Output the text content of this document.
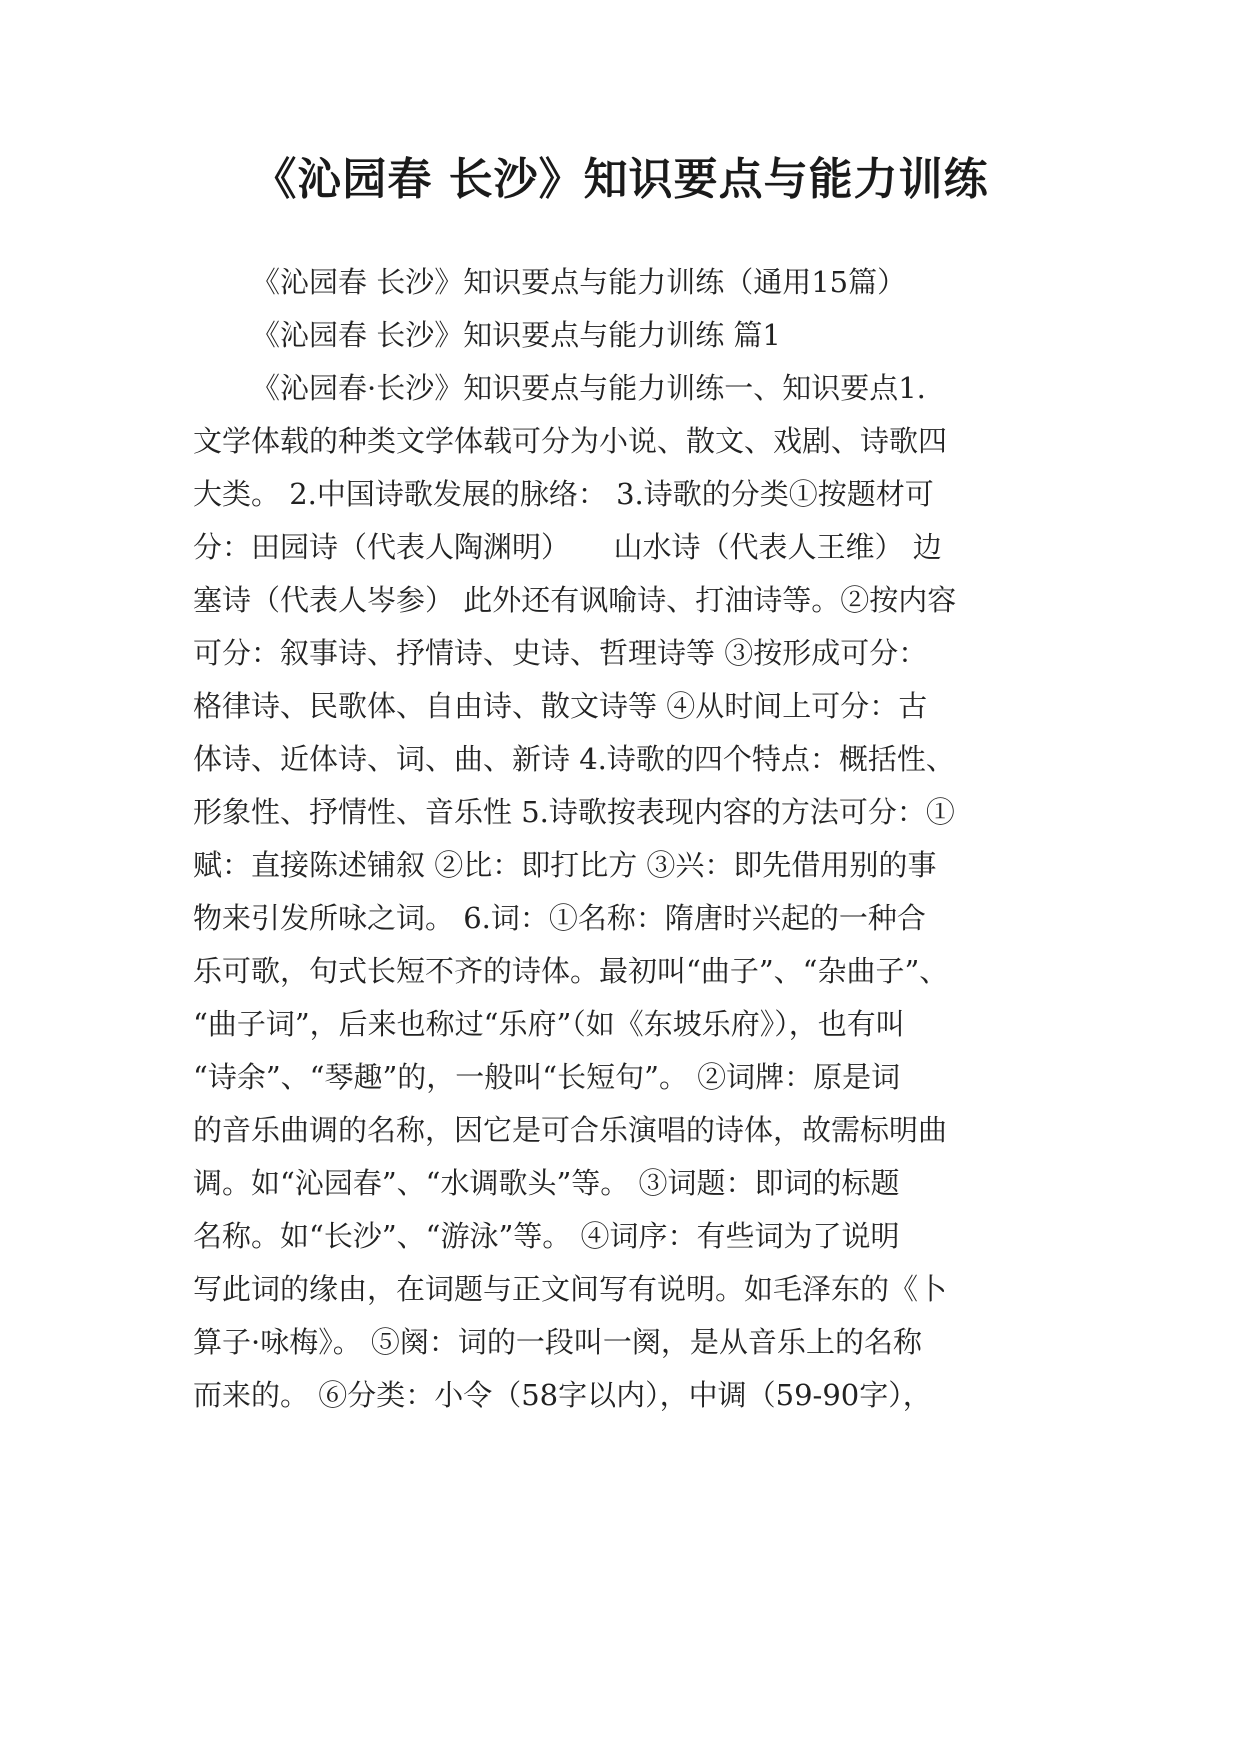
《沁园春 长沙》知识要点与能力训练
《沁园春 长沙》知识要点与能力训练（通用15篇）
《沁园春 长沙》知识要点与能力训练 篇1
《沁园春·长沙》知识要点与能力训练一、知识要点1.
文学体载的种类文学体载可分为小说、散文、戏剧、诗歌四
大类。 2.中国诗歌发展的脉络： 3.诗歌的分类①按题材可
分：田园诗（代表人陶渊明）　　山水诗（代表人王维） 边
塞诗（代表人岑参） 此外还有讽喻诗、打油诗等。②按内容
可分：叙事诗、抒情诗、史诗、哲理诗等 ③按形成可分：
格律诗、民歌体、自由诗、散文诗等 ④从时间上可分：古
体诗、近体诗、词、曲、新诗 4.诗歌的四个特点：概括性、
形象性、抒情性、音乐性 5.诗歌按表现内容的方法可分：①
赋：直接陈述铺叙 ②比：即打比方 ③兴：即先借用别的事
物来引发所咏之词。 6.词：①名称：隋唐时兴起的一种合
乐可歌，句式长短不齐的诗体。最初叫“曲子”、“杂曲子”、
“曲子词”，后来也称过“乐府”（如《东坡乐府》），也有叫
“诗余”、“琴趣”的，一般叫“长短句”。 ②词牌：原是词
的音乐曲调的名称，因它是可合乐演唱的诗体，故需标明曲
调。如“沁园春”、“水调歌头”等。 ③词题：即词的标题
名称。如“长沙”、“游泳”等。 ④词序：有些词为了说明
写此词的缘由，在词题与正文间写有说明。如毛泽东的《卜
算子·咏梅》。 ⑤阕：词的一段叫一阕，是从音乐上的名称
而来的。 ⑥分类：小令（58字以内），中调（59-90字），
